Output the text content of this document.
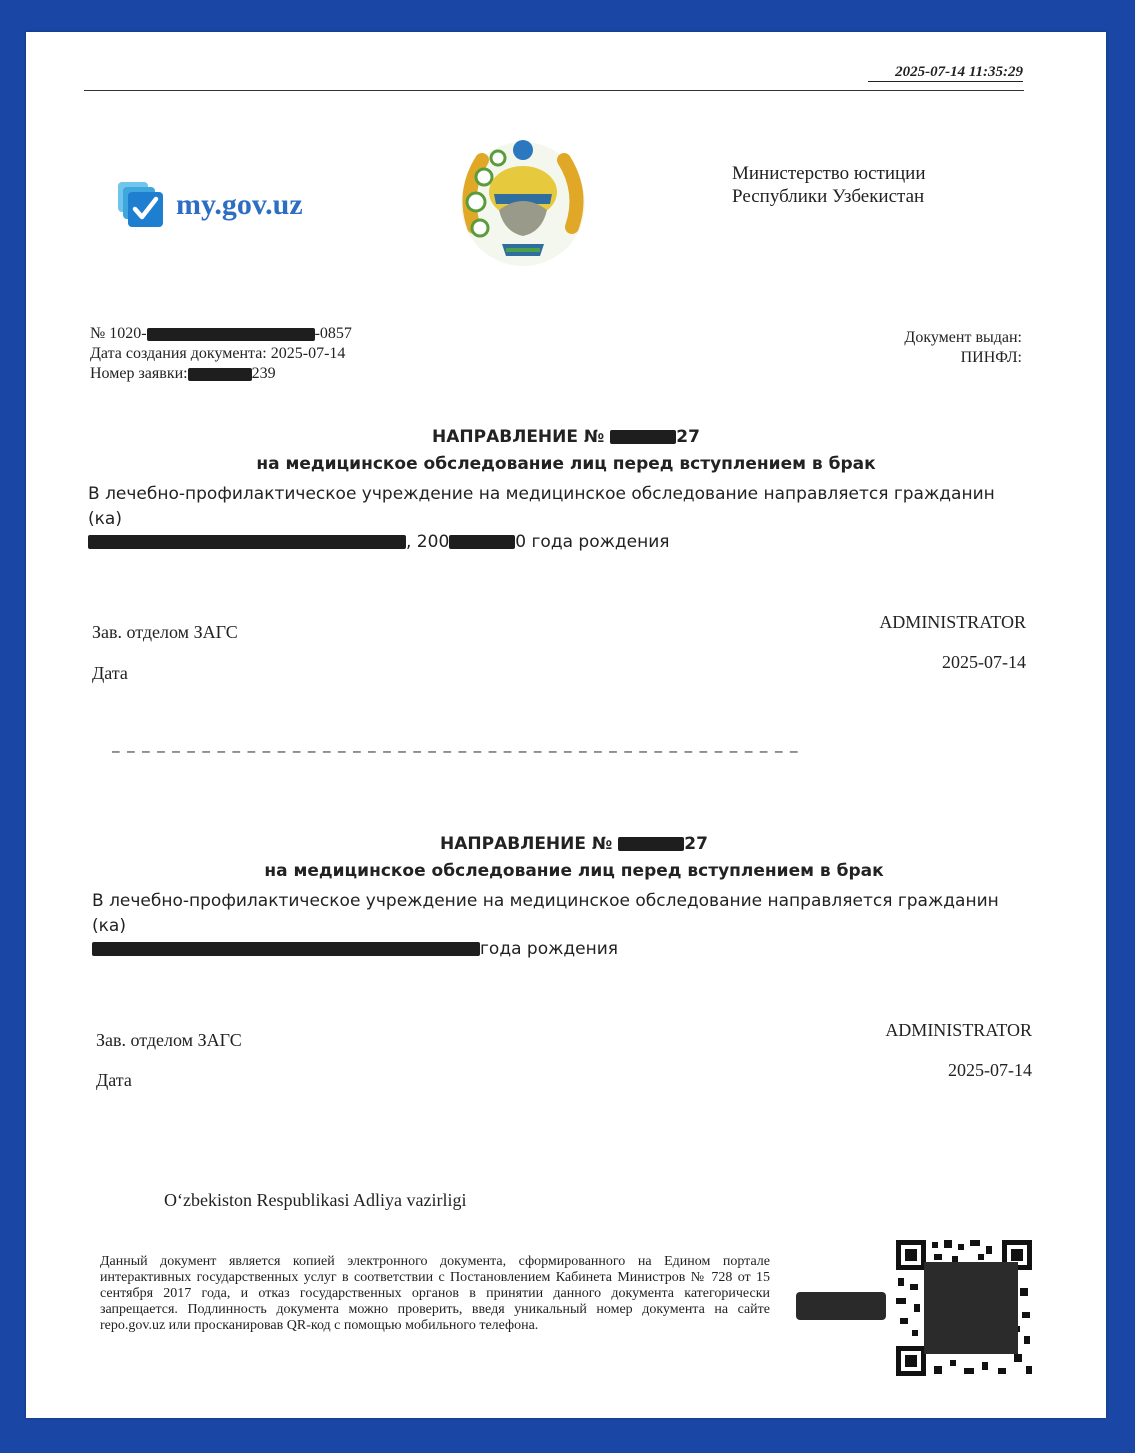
2025-07-14 11:35:29
my.gov.uz
Министерство юстиции
Республики Узбекистан
№ 1020-	-0857
Дата создания документа: 2025-07-14
Номер заявки:	239
Документ выдан:
ПИНФЛ:
НАПРАВЛЕНИЕ №	27
на медицинское обследование лиц перед вступлением в брак
В лечебно-профилактическое учреждение на медицинское обследование направляется гражданин (ка)
, 200	0 года рождения
Зав. отделом ЗАГС	ADMINISTRATOR
Дата
2025-07-14
_ _ _ _ _ _ _ _ _ _ _ _ _ _ _ _ _ _ _ _ _ _ _ _ _ _ _ _ _ _ _ _ _ _ _ _ _ _ _ _ _ _ _ _ _ _
НАПРАВЛЕНИЕ №	27
на медицинское обследование лиц перед вступлением в брак
В лечебно-профилактическое учреждение на медицинское обследование направляется гражданин (ка)
года рождения
Зав. отделом ЗАГС	ADMINISTRATOR
Дата	2025-07-14
O‘zbekiston Respublikasi Adliya vazirligi
Данный документ является копией электронного документа, сформированного на Едином портале интерактивных государственных услуг в соответствии с Постановлением Кабинета Министров № 728 от 15 сентября 2017 года, и отказ государственных органов в принятии данного документа категорически запрещается. Подлинность документа можно проверить, введя уникальный номер документа на сайте repo.gov.uz или просканировав QR-код с помощью мобильного телефона.
